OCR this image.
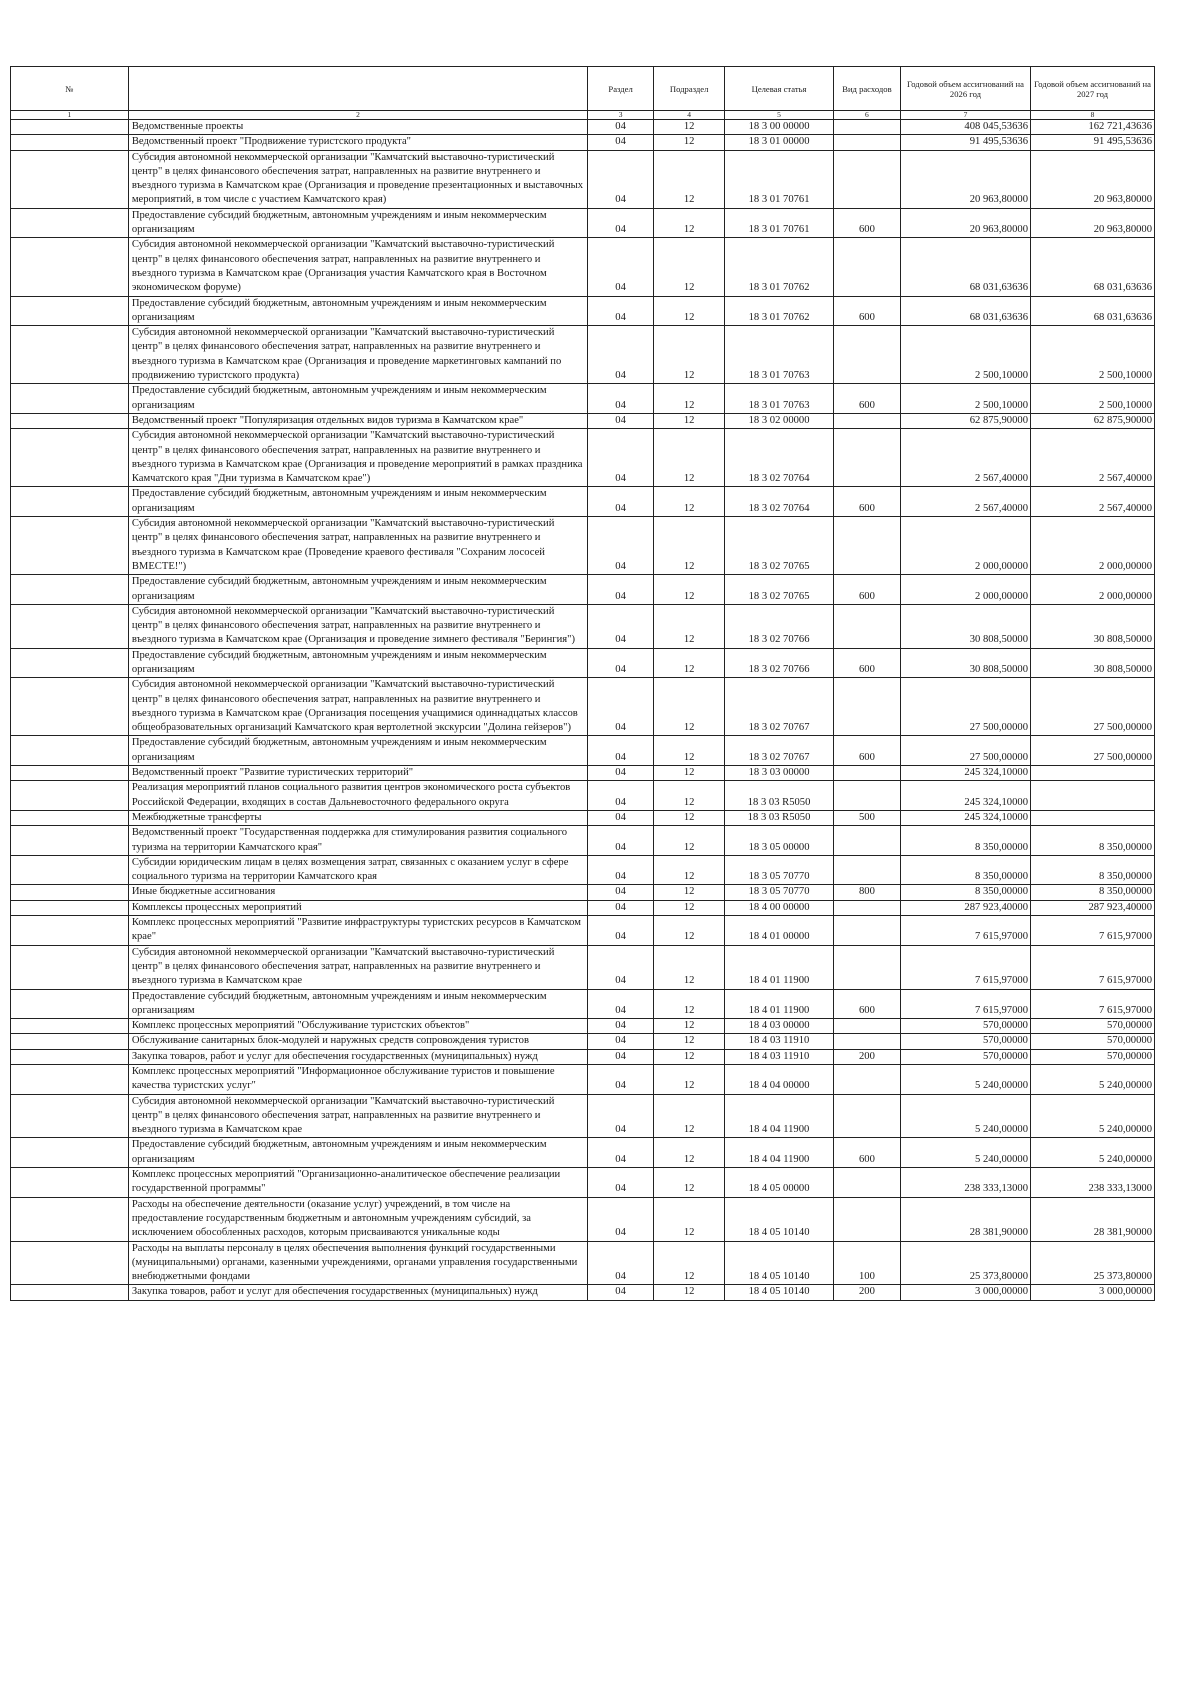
№		Раздел	Подраздел	Целевая статья	Вид расходов	Годовой объем ассигнований на 2026 год	Годовой объем ассигнований на 2027 год
1	2	3	4	5	6	7	8
	Ведомственные проекты	04	12	18 3 00 00000		408 045,53636	162 721,43636
	Ведомственный проект "Продвижение туристского продукта"	04	12	18 3 01 00000		91 495,53636	91 495,53636
	Субсидия автономной некоммерческой организации "Камчатский выставочно-туристический центр" в целях финансового обеспечения затрат, направленных на развитие внутреннего и въездного туризма в Камчатском крае (Организация и проведение презентационных и выставочных мероприятий, в том числе с участием Камчатского края)	04	12	18 3 01 70761		20 963,80000	20 963,80000
	Предоставление субсидий бюджетным, автономным учреждениям и иным некоммерческим организациям	04	12	18 3 01 70761	600	20 963,80000	20 963,80000
	Субсидия автономной некоммерческой организации "Камчатский выставочно-туристический центр" в целях финансового обеспечения затрат, направленных на развитие внутреннего и въездного туризма в Камчатском крае (Организация участия Камчатского края в Восточном экономическом форуме)	04	12	18 3 01 70762		68 031,63636	68 031,63636
	Предоставление субсидий бюджетным, автономным учреждениям и иным некоммерческим организациям	04	12	18 3 01 70762	600	68 031,63636	68 031,63636
	Субсидия автономной некоммерческой организации "Камчатский выставочно-туристический центр" в целях финансового обеспечения затрат, направленных на развитие внутреннего и въездного туризма в Камчатском крае (Организация и проведение маркетинговых кампаний по продвижению туристского продукта)	04	12	18 3 01 70763		2 500,10000	2 500,10000
	Предоставление субсидий бюджетным, автономным учреждениям и иным некоммерческим организациям	04	12	18 3 01 70763	600	2 500,10000	2 500,10000
	Ведомственный проект "Популяризация отдельных видов туризма в Камчатском крае"	04	12	18 3 02 00000		62 875,90000	62 875,90000
	Субсидия автономной некоммерческой организации "Камчатский выставочно-туристический центр" в целях финансового обеспечения затрат, направленных на развитие внутреннего и въездного туризма в Камчатском крае (Организация и проведение мероприятий в рамках праздника Камчатского края "Дни туризма в Камчатском крае")	04	12	18 3 02 70764		2 567,40000	2 567,40000
	Предоставление субсидий бюджетным, автономным учреждениям и иным некоммерческим организациям	04	12	18 3 02 70764	600	2 567,40000	2 567,40000
	Субсидия автономной некоммерческой организации "Камчатский выставочно-туристический центр" в целях финансового обеспечения затрат, направленных на развитие внутреннего и въездного туризма в Камчатском крае (Проведение краевого фестиваля "Сохраним лососей ВМЕСТЕ!")	04	12	18 3 02 70765		2 000,00000	2 000,00000
	Предоставление субсидий бюджетным, автономным учреждениям и иным некоммерческим организациям	04	12	18 3 02 70765	600	2 000,00000	2 000,00000
	Субсидия автономной некоммерческой организации "Камчатский выставочно-туристический центр" в целях финансового обеспечения затрат, направленных на развитие внутреннего и въездного туризма в Камчатском крае (Организация и проведение зимнего фестиваля "Берингия")	04	12	18 3 02 70766		30 808,50000	30 808,50000
	Предоставление субсидий бюджетным, автономным учреждениям и иным некоммерческим организациям	04	12	18 3 02 70766	600	30 808,50000	30 808,50000
	Субсидия автономной некоммерческой организации "Камчатский выставочно-туристический центр" в целях финансового обеспечения затрат, направленных на развитие внутреннего и въездного туризма в Камчатском крае (Организация посещения учащимися одиннадцатых классов общеобразовательных организаций Камчатского края вертолетной экскурсии "Долина гейзеров")	04	12	18 3 02 70767		27 500,00000	27 500,00000
	Предоставление субсидий бюджетным, автономным учреждениям и иным некоммерческим организациям	04	12	18 3 02 70767	600	27 500,00000	27 500,00000
	Ведомственный проект "Развитие туристических территорий"	04	12	18 3 03 00000		245 324,10000	
	Реализация мероприятий планов социального развития центров экономического роста субъектов Российской Федерации, входящих в состав Дальневосточного федерального округа	04	12	18 3 03 R5050		245 324,10000	
	Межбюджетные трансферты	04	12	18 3 03 R5050	500	245 324,10000	
	Ведомственный проект "Государственная поддержка для стимулирования развития социального туризма на территории Камчатского края"	04	12	18 3 05 00000		8 350,00000	8 350,00000
	Субсидии юридическим лицам в целях возмещения затрат, связанных с оказанием услуг в сфере социального туризма на территории Камчатского края	04	12	18 3 05 70770		8 350,00000	8 350,00000
	Иные бюджетные ассигнования	04	12	18 3 05 70770	800	8 350,00000	8 350,00000
	Комплексы процессных мероприятий	04	12	18 4 00 00000		287 923,40000	287 923,40000
	Комплекс процессных мероприятий "Развитие инфраструктуры туристских ресурсов в Камчатском крае"	04	12	18 4 01 00000		7 615,97000	7 615,97000
	Субсидия автономной некоммерческой организации "Камчатский выставочно-туристический центр" в целях финансового обеспечения затрат, направленных на развитие внутреннего и въездного туризма в Камчатском крае	04	12	18 4 01 11900		7 615,97000	7 615,97000
	Предоставление субсидий бюджетным, автономным учреждениям и иным некоммерческим организациям	04	12	18 4 01 11900	600	7 615,97000	7 615,97000
	Комплекс процессных мероприятий "Обслуживание туристских объектов"	04	12	18 4 03 00000		570,00000	570,00000
	Обслуживание санитарных блок-модулей и наружных средств сопровождения туристов	04	12	18 4 03 11910		570,00000	570,00000
	Закупка товаров, работ и услуг для обеспечения государственных (муниципальных) нужд	04	12	18 4 03 11910	200	570,00000	570,00000
	Комплекс процессных мероприятий "Информационное обслуживание туристов и повышение качества туристских услуг"	04	12	18 4 04 00000		5 240,00000	5 240,00000
	Субсидия автономной некоммерческой организации "Камчатский выставочно-туристический центр" в целях финансового обеспечения затрат, направленных на развитие внутреннего и въездного туризма в Камчатском крае	04	12	18 4 04 11900		5 240,00000	5 240,00000
	Предоставление субсидий бюджетным, автономным учреждениям и иным некоммерческим организациям	04	12	18 4 04 11900	600	5 240,00000	5 240,00000
	Комплекс процессных мероприятий "Организационно-аналитическое обеспечение реализации государственной программы"	04	12	18 4 05 00000		238 333,13000	238 333,13000
	Расходы на обеспечение деятельности (оказание услуг) учреждений, в том числе на предоставление государственным бюджетным и автономным учреждениям субсидий, за исключением обособленных расходов, которым присваиваются уникальные коды	04	12	18 4 05 10140		28 381,90000	28 381,90000
	Расходы на выплаты персоналу в целях обеспечения выполнения функций государственными (муниципальными) органами, казенными учреждениями, органами управления государственными внебюджетными фондами	04	12	18 4 05 10140	100	25 373,80000	25 373,80000
	Закупка товаров, работ и услуг для обеспечения государственных (муниципальных) нужд	04	12	18 4 05 10140	200	3 000,00000	3 000,00000
